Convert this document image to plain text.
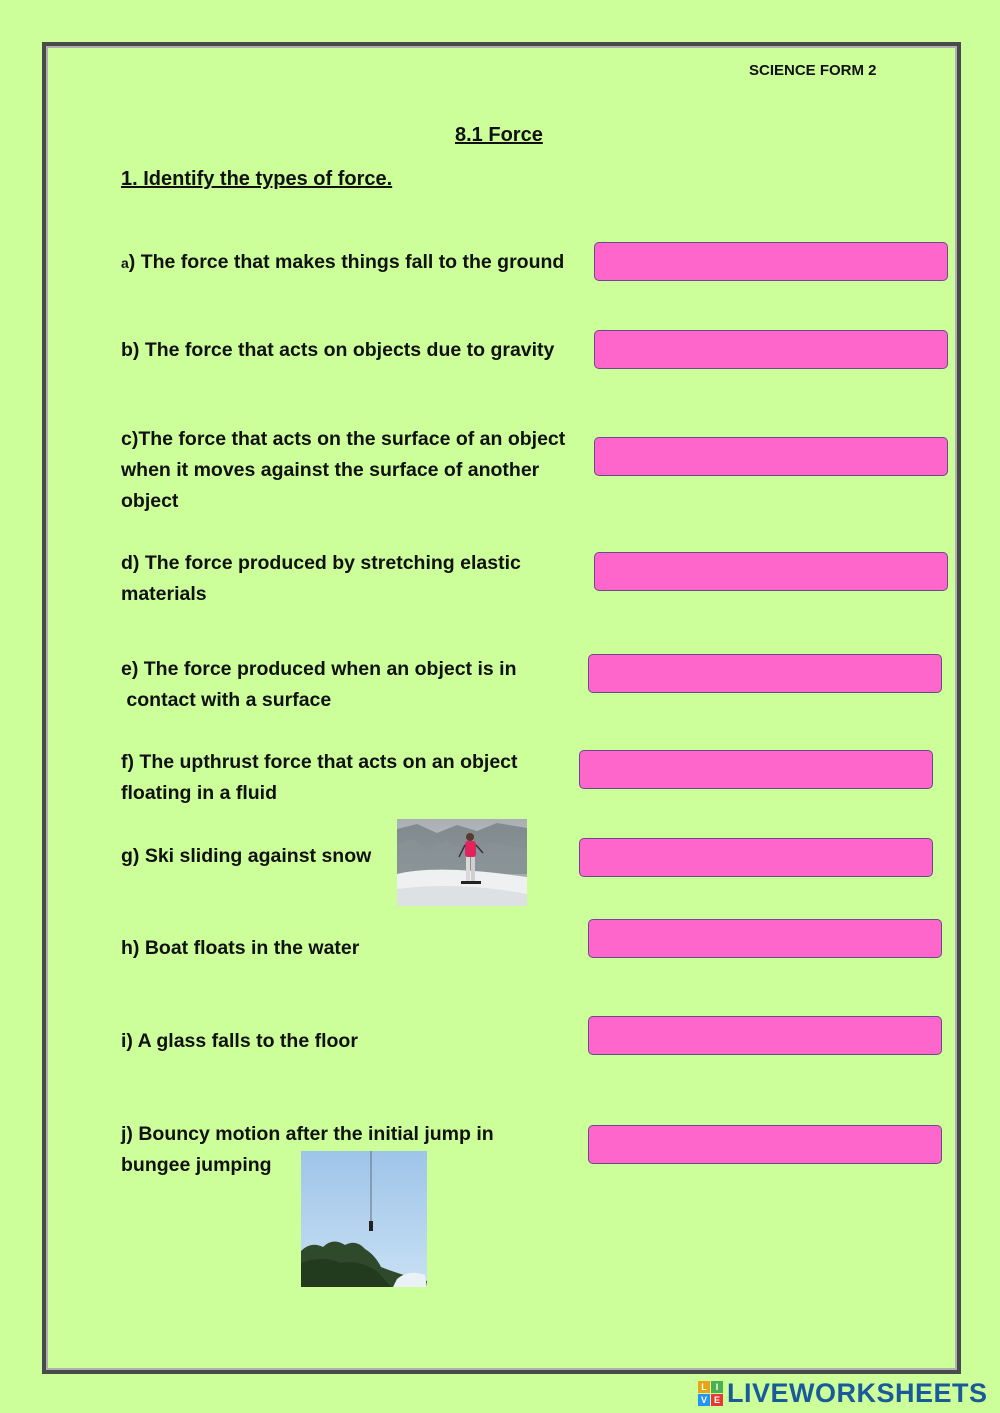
SCIENCE FORM 2
8.1 Force
1. Identify the types of force.
a) The force that makes things fall to the ground
b) The force that acts on objects due to gravity
c)The force that acts on the surface of an object
when it moves against the surface of another
object
d) The force produced by stretching elastic
materials
e) The force produced when an object is in
contact with a surface
f) The upthrust force that acts on an object
floating in a fluid
g) Ski sliding against snow
h) Boat floats in the water
i) A glass falls to the floor
j) Bouncy motion after the initial jump in
bungee jumping
L I
V E LIVEWORKSHEETS
